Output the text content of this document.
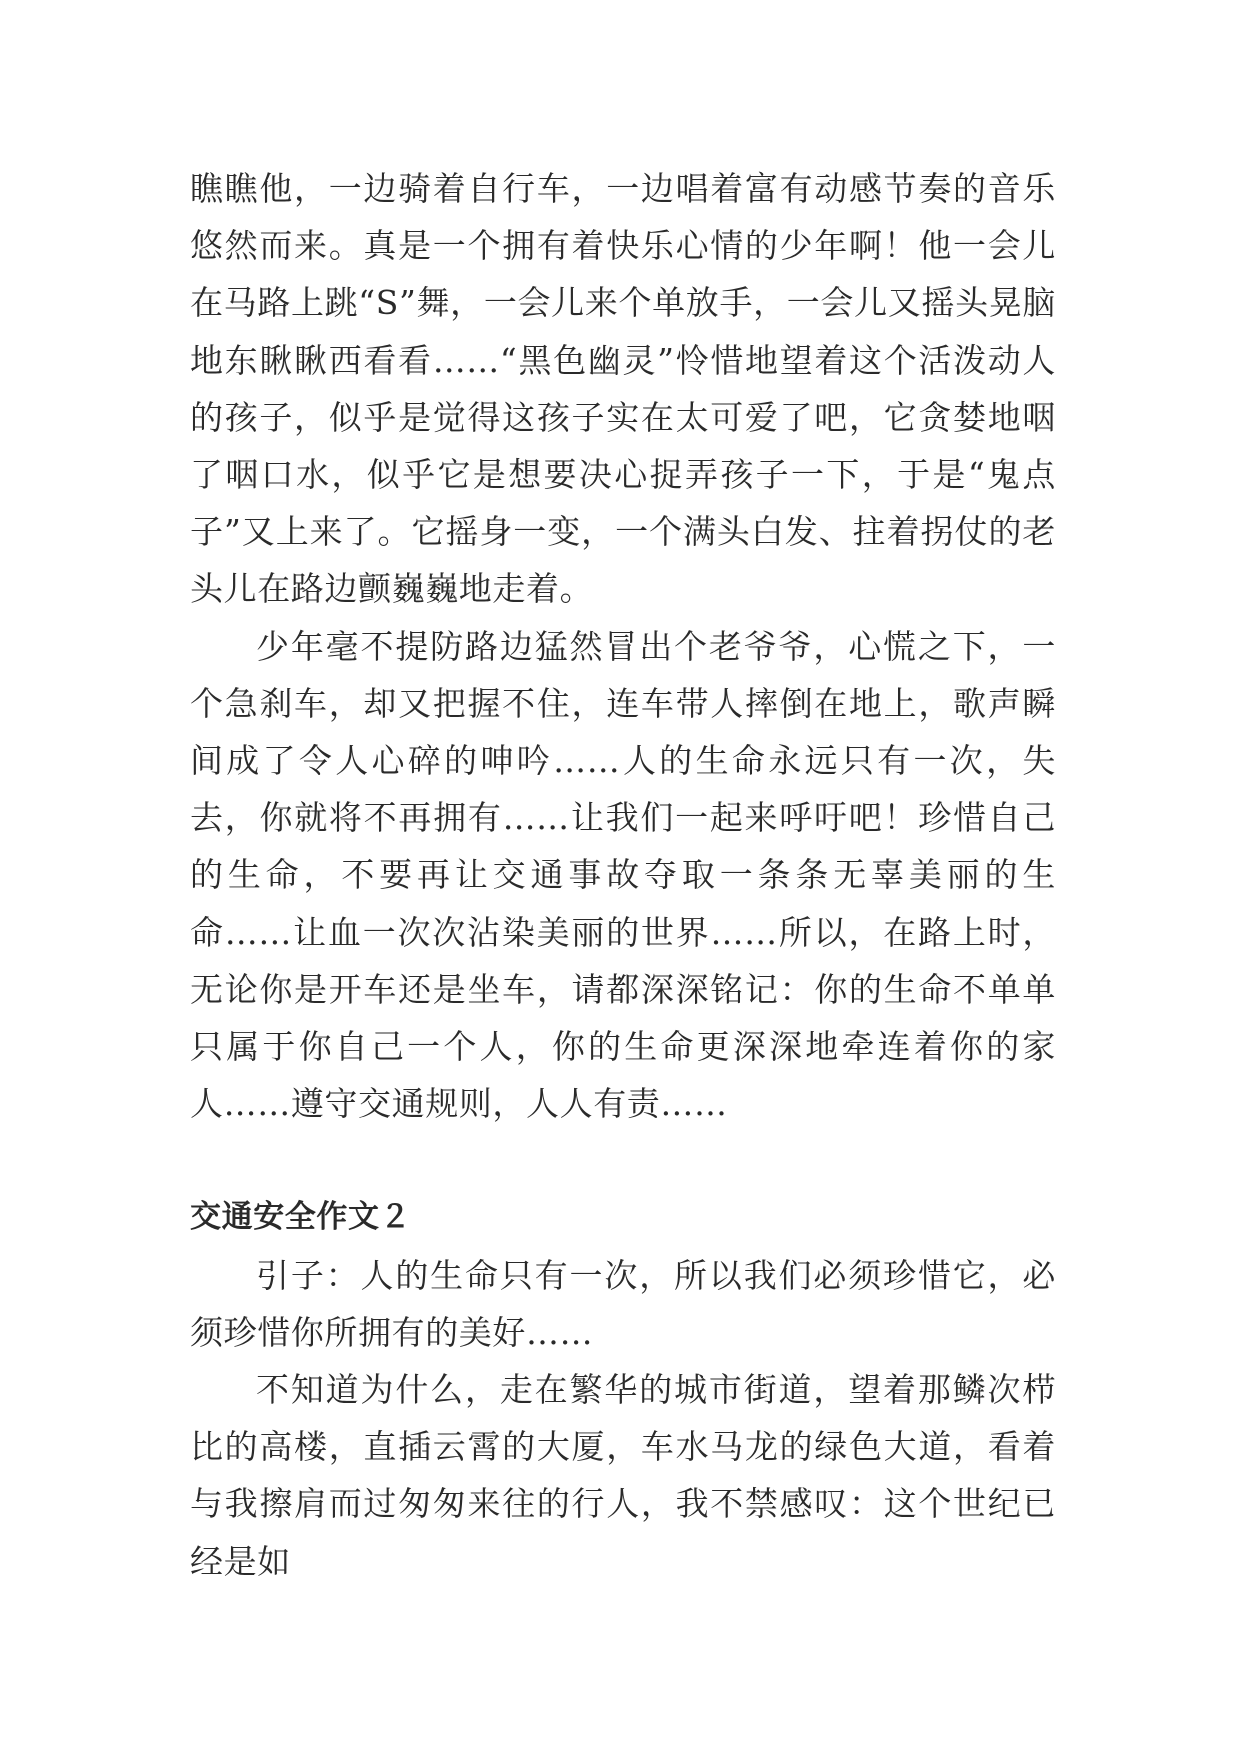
瞧瞧他，一边骑着自行车，一边唱着富有动感节奏的音乐悠然而来。真是一个拥有着快乐心情的少年啊！他一会儿在马路上跳“S”舞，一会儿来个单放手，一会儿又摇头晃脑地东瞅瞅西看看……“黑色幽灵”怜惜地望着这个活泼动人的孩子，似乎是觉得这孩子实在太可爱了吧，它贪婪地咽了咽口水，似乎它是想要决心捉弄孩子一下，于是“鬼点子”又上来了。它摇身一变，一个满头白发、拄着拐仗的老头儿在路边颤巍巍地走着。

少年毫不提防路边猛然冒出个老爷爷，心慌之下，一个急刹车，却又把握不住，连车带人摔倒在地上，歌声瞬间成了令人心碎的呻吟……人的生命永远只有一次，失去，你就将不再拥有……让我们一起来呼吁吧！珍惜自己的生命，不要再让交通事故夺取一条条无辜美丽的生命……让血一次次沾染美丽的世界……所以，在路上时，无论你是开车还是坐车，请都深深铭记：你的生命不单单只属于你自己一个人，你的生命更深深地牵连着你的家人……遵守交通规则，人人有责……

交通安全作文２

引子：人的生命只有一次，所以我们必须珍惜它，必须珍惜你所拥有的美好……

不知道为什么，走在繁华的城市街道，望着那鳞次栉比的高楼，直插云霄的大厦，车水马龙的绿色大道，看着与我擦肩而过匆匆来往的行人，我不禁感叹：这个世纪已经是如
